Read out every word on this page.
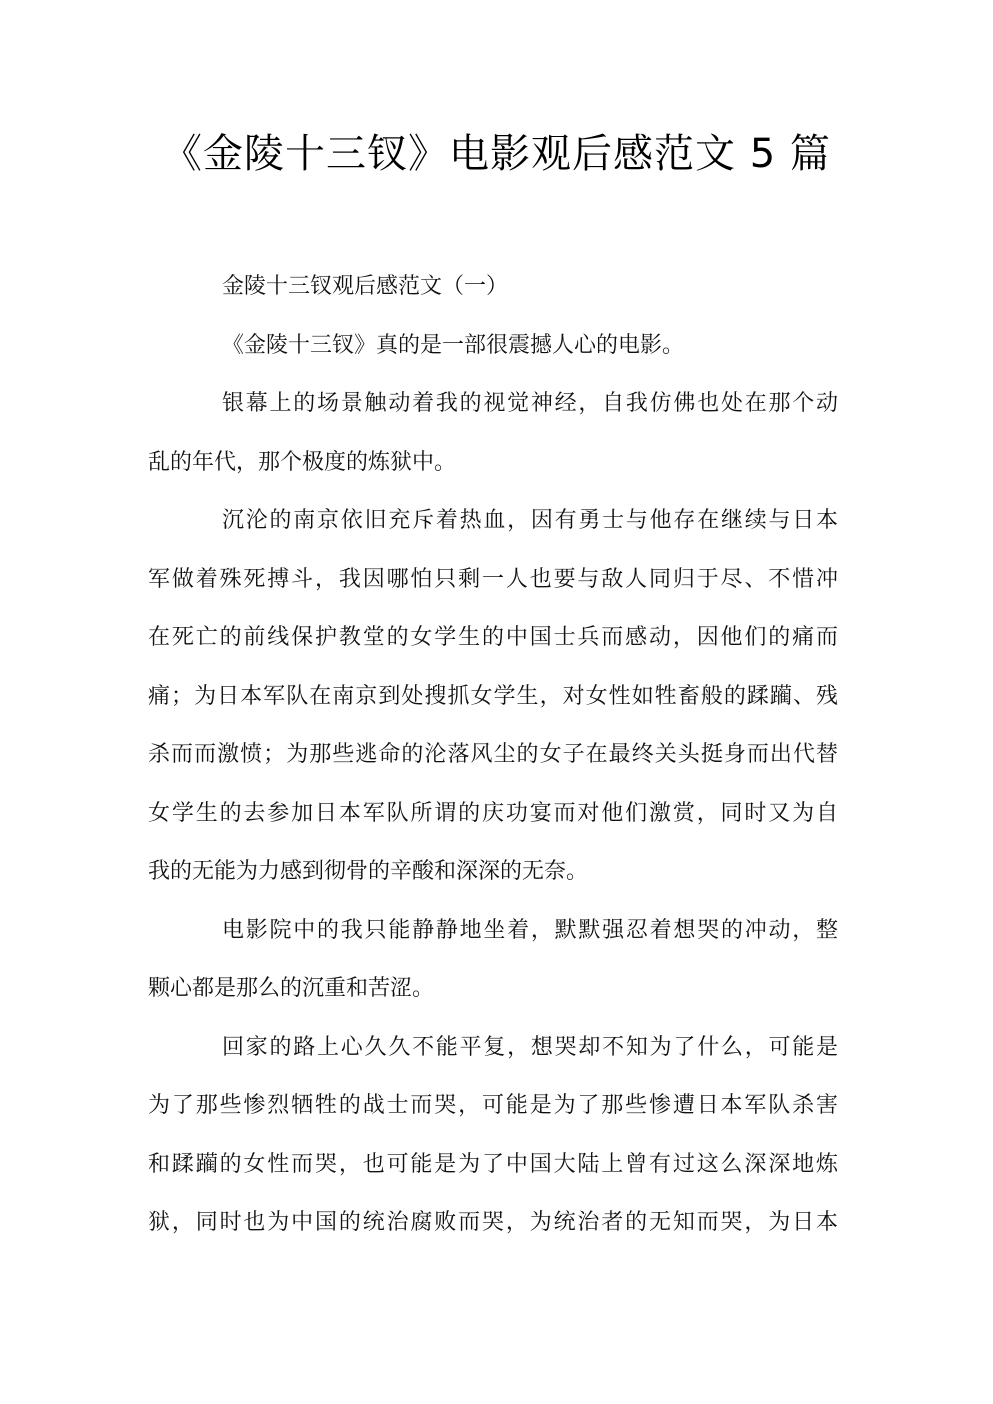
《金陵十三钗》电影观后感范文 5 篇
金陵十三钗观后感范文（一）
《金陵十三钗》真的是一部很震撼人心的电影。
银幕上的场景触动着我的视觉神经，自我仿佛也处在那个动
乱的年代，那个极度的炼狱中。
沉沦的南京依旧充斥着热血，因有勇士与他存在继续与日本
军做着殊死搏斗，我因哪怕只剩一人也要与敌人同归于尽、不惜冲
在死亡的前线保护教堂的女学生的中国士兵而感动，因他们的痛而
痛；为日本军队在南京到处搜抓女学生，对女性如牲畜般的蹂躏、残
杀而而激愤；为那些逃命的沦落风尘的女子在最终关头挺身而出代替
女学生的去参加日本军队所谓的庆功宴而对他们激赏，同时又为自
我的无能为力感到彻骨的辛酸和深深的无奈。
电影院中的我只能静静地坐着，默默强忍着想哭的冲动，整
颗心都是那么的沉重和苦涩。
回家的路上心久久不能平复，想哭却不知为了什么，可能是
为了那些惨烈牺牲的战士而哭，可能是为了那些惨遭日本军队杀害
和蹂躏的女性而哭，也可能是为了中国大陆上曾有过这么深深地炼
狱，同时也为中国的统治腐败而哭，为统治者的无知而哭，为日本
